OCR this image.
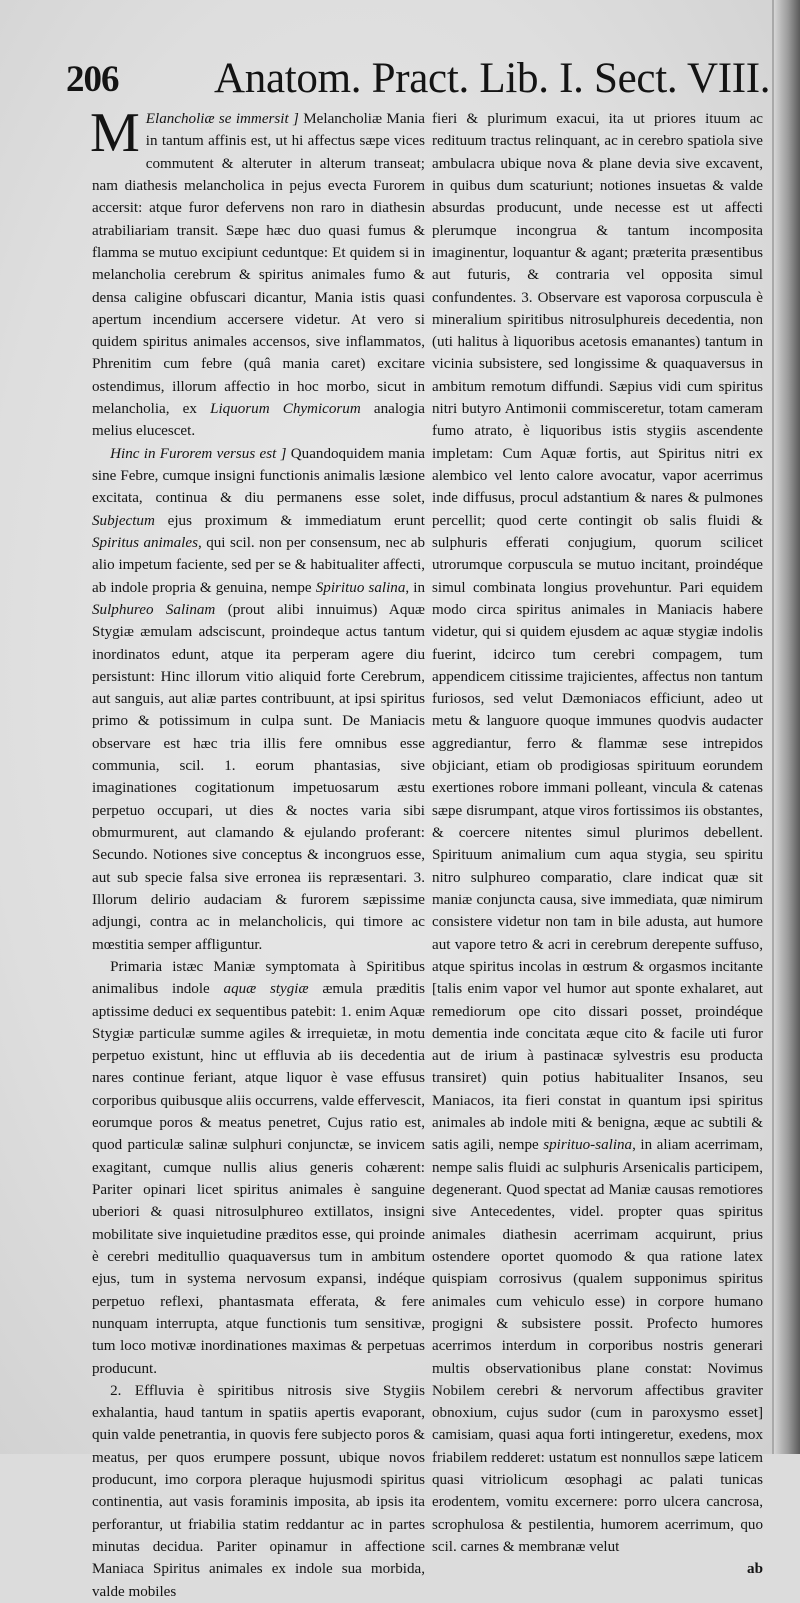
206 Anatom. Pract. Lib. I. Sect. VIII.

M Elancholiæ se immersit ] Melancholiæ Mania in tantum affinis est, ut hi affectus sæpe vices commutent & alteruter in alterum transeat; nam diathesis melancholica in pejus evecta Furorem accersit: atque furor defervens non raro in diathesin atrabiliariam transit. Sæpe hæc duo quasi fumus & flamma se mutuo excipiunt ceduntque: Et quidem si in melancholia cerebrum & spiritus animales fumo & densa caligine obfuscari dicantur, Mania istis quasi apertum incendium accersere videtur. At vero si quidem spiritus animales accensos, sive inflammatos, Phrenitim cum febre (quâ mania caret) excitare ostendimus, illorum affectio in hoc morbo, sicut in melancholia, ex Liquorum Chymicorum analogia melius elucescet.

Hinc in Furorem versus est ] Quandoquidem mania sine Febre, cumque insigni functionis animalis læsione excitata, continua & diu permanens esse solet, Subjectum ejus proximum & immediatum erunt Spiritus animales, qui scil. non per consensum, nec ab alio impetum faciente, sed per se & habitualiter affecti, ab indole propria & genuina, nempe Spirituo salina, in Sulphureo Salinam (prout alibi innuimus) Aquæ Stygiæ æmulam adsciscunt, proindeque actus tantum inordinatos edunt, atque ita perperam agere diu persistunt: Hinc illorum vitio aliquid forte Cerebrum, aut sanguis, aut aliæ partes contribuunt, at ipsi spiritus primo & potissimum in culpa sunt. De Maniacis observare est hæc tria illis fere omnibus esse communia, scil. 1. eorum phantasias, sive imaginationes cogitationum impetuosarum æstu perpetuo occupari, ut dies & noctes varia sibi obmurmurent, aut clamando & ejulando proferant: Secundo. Notiones sive conceptus & incongruos esse, aut sub specie falsa sive erronea iis repræsentari. 3. Illorum delirio audaciam & furorem sæpissime adjungi, contra ac in melancholicis, qui timore ac mœstitia semper affliguntur.

Primaria istæc Maniæ symptomata à Spiritibus animalibus indole aquæ stygiæ æmula præditis aptissime deduci ex sequentibus patebit: 1. enim Aquæ Stygiæ particulæ summe agiles & irrequietæ, in motu perpetuo existunt, hinc ut effluvia ab iis decedentia nares continue feriant, atque liquor è vase effusus corporibus quibusque aliis occurrens, valde effervescit, eorumque poros & meatus penetret, Cujus ratio est, quod particulæ salinæ sulphuri conjunctæ, se invicem exagitant, cumque nullis alius generis cohærent: Pariter opinari licet spiritus animales è sanguine uberiori & quasi nitrosulphureo extillatos, insigni mobilitate sive inquietudine præditos esse, qui proinde è cerebri meditullio quaquaversus tum in ambitum ejus, tum in systema nervosum expansi, indéque perpetuo reflexi, phantasmata efferata, & fere nunquam interrupta, atque functionis tum sensitivæ, tum loco motivæ inordinationes maximas & perpetuas producunt.

2. Effluvia è spiritibus nitrosis sive Stygiis exhalantia, haud tantum in spatiis apertis evaporant, quin valde penetrantia, in quovis fere subjecto poros & meatus, per quos erumpere possunt, ubique novos producunt, imo corpora pleraque hujusmodi spiritus continentia, aut vasis foraminis imposita, ab ipsis ita perforantur, ut friabilia statim reddantur ac in partes minutas decidua. Pariter opinamur in affectione Maniaca Spiritus animales ex indole sua morbida, valde mobiles

fieri & plurimum exacui, ita ut priores ituum ac redituum tractus relinquant, ac in cerebro spatiola sive ambulacra ubique nova & plane devia sive excavent, in quibus dum scaturiunt; notiones insuetas & valde absurdas producunt, unde necesse est ut affecti plerumque incongrua & tantum incomposita imaginentur, loquantur & agant; præterita præsentibus aut futuris, & contraria vel opposita simul confundentes. 3. Observare est vaporosa corpuscula è mineralium spiritibus nitrosulphureis decedentia, non (uti halitus à liquoribus acetosis emanantes) tantum in vicinia subsistere, sed longissime & quaquaversus in ambitum remotum diffundi. Sæpius vidi cum spiritus nitri butyro Antimonii commisceretur, totam cameram fumo atrato, è liquoribus istis stygiis ascendente impletam: Cum Aquæ fortis, aut Spiritus nitri ex alembico vel lento calore avocatur, vapor acerrimus inde diffusus, procul adstantium & nares & pulmones percellit; quod certe contingit ob salis fluidi & sulphuris efferati conjugium, quorum scilicet utrorumque corpuscula se mutuo incitant, proindéque simul combinata longius provehuntur. Pari equidem modo circa spiritus animales in Maniacis habere videtur, qui si quidem ejusdem ac aquæ stygiæ indolis fuerint, idcirco tum cerebri compagem, tum appendicem citissime trajicientes, affectus non tantum furiosos, sed velut Dæmoniacos efficiunt, adeo ut metu & languore quoque immunes quodvis audacter aggrediantur, ferro & flammæ sese intrepidos objiciant, etiam ob prodigiosas spirituum eorundem exertiones robore immani polleant, vincula & catenas sæpe disrumpant, atque viros fortissimos iis obstantes, & coercere nitentes simul plurimos debellent. Spirituum animalium cum aqua stygia, seu spiritu nitro sulphureo comparatio, clare indicat quæ sit maniæ conjuncta causa, sive immediata, quæ nimirum consistere videtur non tam in bile adusta, aut humore aut vapore tetro & acri in cerebrum derepente suffuso, atque spiritus incolas in œstrum & orgasmos incitante [talis enim vapor vel humor aut sponte exhalaret, aut remediorum ope cito dissari posset, proindéque dementia inde concitata æque cito & facile uti furor aut de irium à pastinacæ sylvestris esu producta transiret) quin potius habitualiter Insanos, seu Maniacos, ita fieri constat in quantum ipsi spiritus animales ab indole miti & benigna, æque ac subtili & satis agili, nempe spirituo-salina, in aliam acerrimam, nempe salis fluidi ac sulphuris Arsenicalis participem, degenerant. Quod spectat ad Maniæ causas remotiores sive Antecedentes, videl. propter quas spiritus animales diathesin acerrimam acquirunt, prius ostendere oportet quomodo & qua ratione latex quispiam corrosivus (qualem supponimus spiritus animales cum vehiculo esse) in corpore humano progigni & subsistere possit. Profecto humores acerrimos interdum in corporibus nostris generari multis observationibus plane constat: Novimus Nobilem cerebri & nervorum affectibus graviter obnoxium, cujus sudor (cum in paroxysmo esset] camisiam, quasi aqua forti intingeretur, exedens, mox friabilem redderet: ustatum est nonnullos sæpe laticem quasi vitriolicum œsophagi ac palati tunicas erodentem, vomitu excernere: porro ulcera cancrosa, scrophulosa & pestilentia, humorem acerrimum, quo scil. carnes & membranæ velut

ab
